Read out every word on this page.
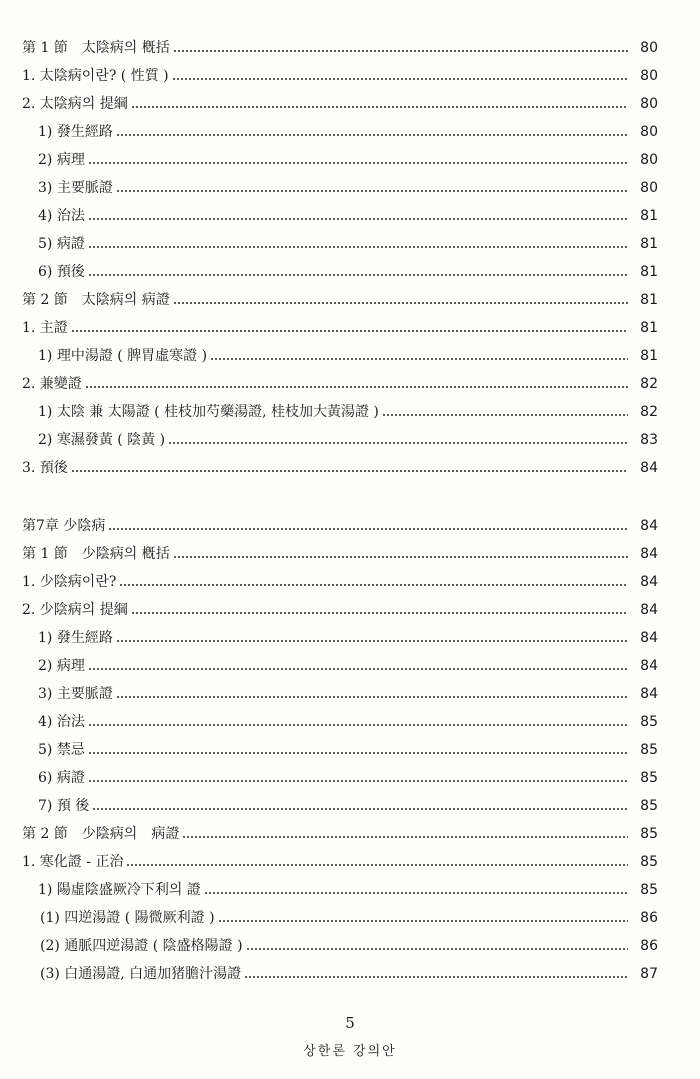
第 1 節　太陰病의 槪括	80
1. 太陰病이란? ( 性質 )	80
2. 太陰病의 提綱	80
1) 發生經路	80
2) 病理	80
3) 主要脈證	80
4) 治法	81
5) 病證	81
6) 預後	81
第 2 節　太陰病의 病證	81
1. 主證	81
1) 理中湯證 ( 脾胃虛寒證 )	81
2. 兼變證	82
1) 太陰 兼 太陽證 ( 桂枝加芍藥湯證, 桂枝加大黃湯證 )	82
2) 寒濕發黃 ( 陰黃 )	83
3. 預後	84
第7章 少陰病	84
第 1 節　少陰病의 槪括	84
1. 少陰病이란?	84
2. 少陰病의 提綱	84
1) 發生經路	84
2) 病理	84
3) 主要脈證	84
4) 治法	85
5) 禁忌	85
6) 病證	85
7) 預 後	85
第 2 節　少陰病의　病證	85
1. 寒化證 - 正治	85
1) 陽虛陰盛厥冷下利의 證	85
(1) 四逆湯證 ( 陽微厥利證 )	86
(2) 通脈四逆湯證 ( 陰盛格陽證 )	86
(3) 白通湯證, 白通加猪膽汁湯證	87
5
상한론 강의안
